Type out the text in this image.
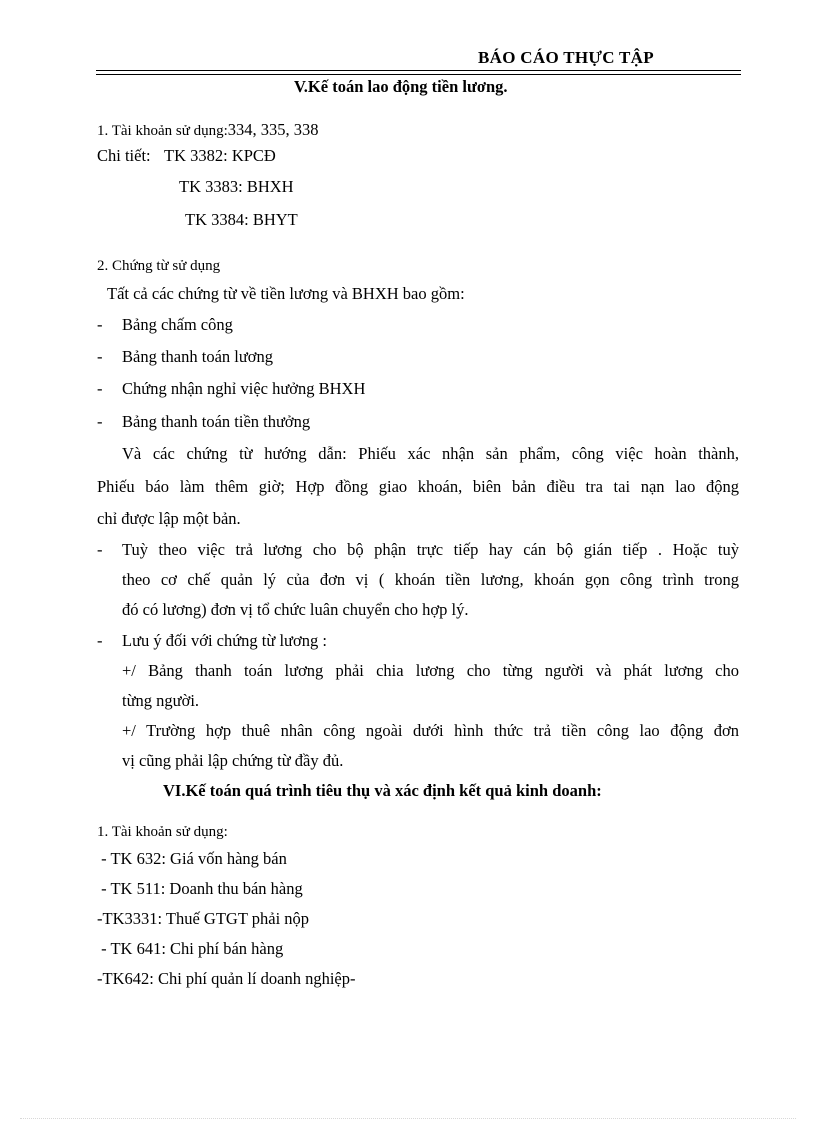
BÁO CÁO THỰC TẬP
V.Kế toán lao động tiền lương.
1. Tài khoản sử dụng:334, 335, 338
Chi tiết: TK 3382: KPCĐ
TK 3383: BHXH
TK 3384: BHYT
2. Chứng từ sử dụng
Tất cả các chứng từ về tiền lương và BHXH bao gồm:
- Bảng chấm công
- Bảng thanh toán lương
- Chứng nhận nghỉ việc hưởng BHXH
- Bảng thanh toán tiền thưởng
Và các chứng từ hướng dẫn: Phiếu xác nhận sản phẩm, công việc hoàn thành,
Phiếu báo làm thêm giờ; Hợp đồng giao khoán, biên bản điều tra tai nạn lao động
chỉ được lập một bản.
- Tuỳ theo việc trả lương cho bộ phận trực tiếp hay cán bộ gián tiếp . Hoặc tuỳ
theo cơ chế quản lý của đơn vị ( khoán tiền lương, khoán gọn công trình trong
đó có lương) đơn vị tổ chức luân chuyển cho hợp lý.
- Lưu ý đối với chứng từ lương :
+/ Bảng thanh toán lương phải chia lương cho từng người và phát lương cho
từng người.
+/ Trường hợp thuê nhân công ngoài dưới hình thức trả tiền công lao động đơn
vị cũng phải lập chứng từ đầy đủ.
VI.Kế toán quá trình tiêu thụ và xác định kết quả kinh doanh:
1. Tài khoản sử dụng:
- TK 632: Giá vốn hàng bán
- TK 511: Doanh thu bán hàng
-TK3331: Thuế GTGT phải nộp
- TK 641: Chi phí bán hàng
-TK642: Chi phí quản lí doanh nghiệp-
